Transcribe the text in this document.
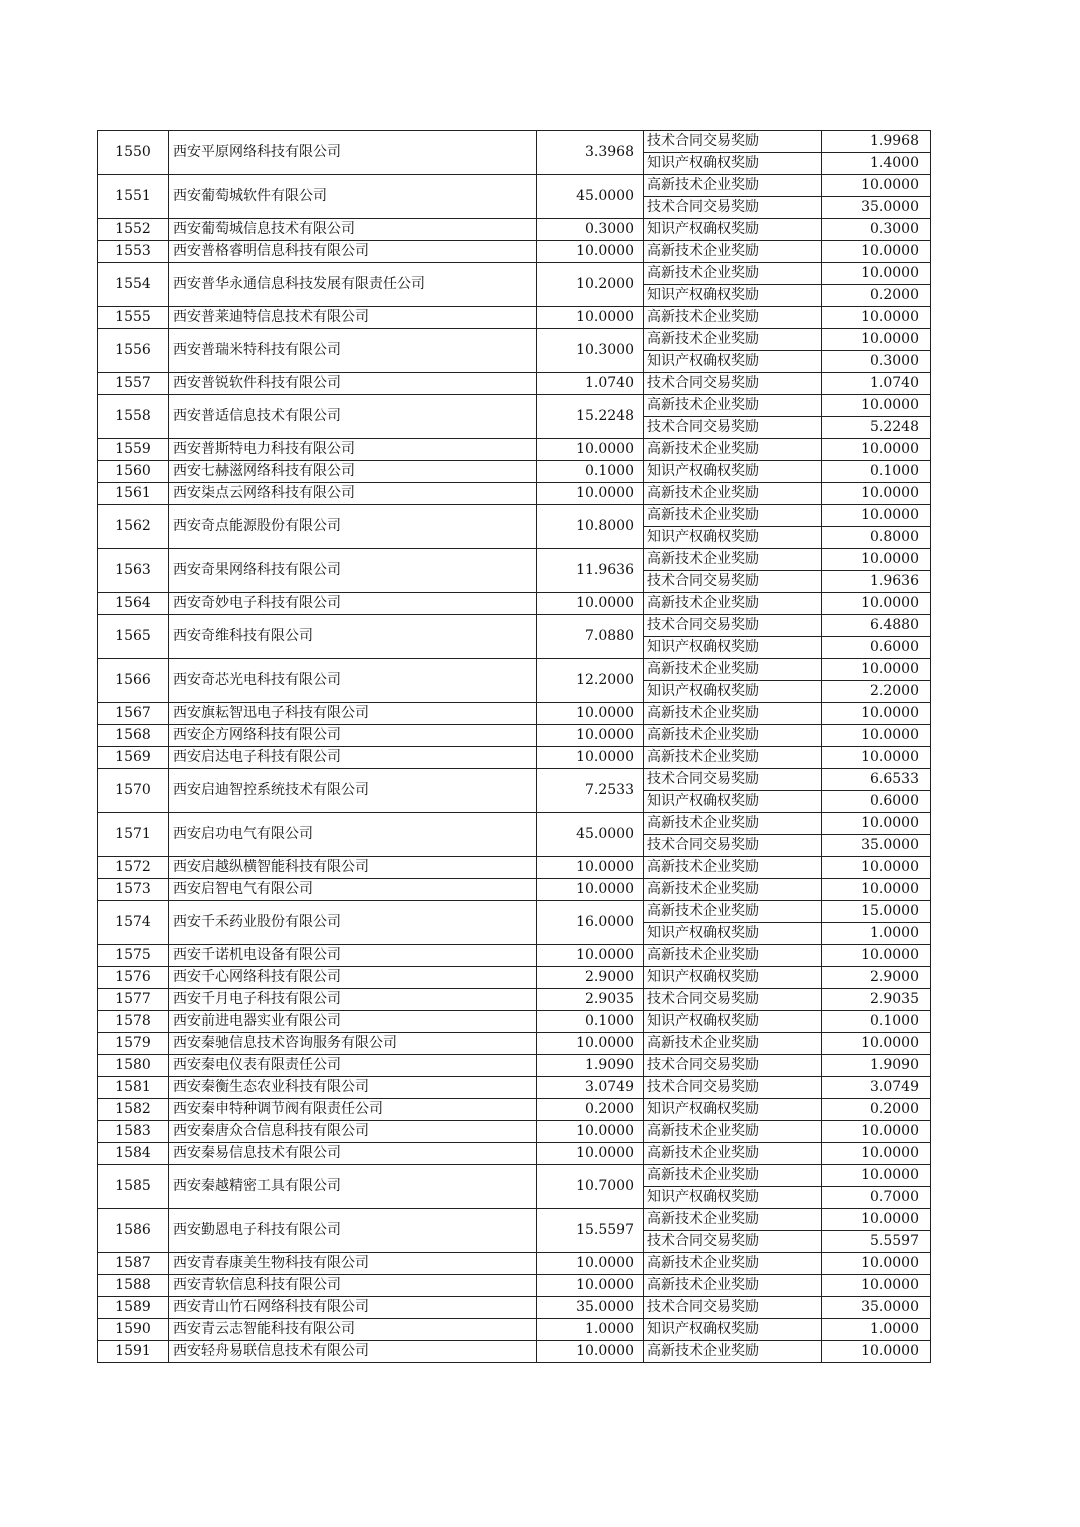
1550	西安平原网络科技有限公司	3.3968	技术合同交易奖励	1.9968
			知识产权确权奖励	1.4000
1551	西安葡萄城软件有限公司	45.0000	高新技术企业奖励	10.0000
			技术合同交易奖励	35.0000
1552	西安葡萄城信息技术有限公司	0.3000	知识产权确权奖励	0.3000
1553	西安普格睿明信息科技有限公司	10.0000	高新技术企业奖励	10.0000
1554	西安普华永通信息科技发展有限责任公司	10.2000	高新技术企业奖励	10.0000
			知识产权确权奖励	0.2000
1555	西安普莱迪特信息技术有限公司	10.0000	高新技术企业奖励	10.0000
1556	西安普瑞米特科技有限公司	10.3000	高新技术企业奖励	10.0000
			知识产权确权奖励	0.3000
1557	西安普锐软件科技有限公司	1.0740	技术合同交易奖励	1.0740
1558	西安普适信息技术有限公司	15.2248	高新技术企业奖励	10.0000
			技术合同交易奖励	5.2248
1559	西安普斯特电力科技有限公司	10.0000	高新技术企业奖励	10.0000
1560	西安七赫滋网络科技有限公司	0.1000	知识产权确权奖励	0.1000
1561	西安柒点云网络科技有限公司	10.0000	高新技术企业奖励	10.0000
1562	西安奇点能源股份有限公司	10.8000	高新技术企业奖励	10.0000
			知识产权确权奖励	0.8000
1563	西安奇果网络科技有限公司	11.9636	高新技术企业奖励	10.0000
			技术合同交易奖励	1.9636
1564	西安奇妙电子科技有限公司	10.0000	高新技术企业奖励	10.0000
1565	西安奇维科技有限公司	7.0880	技术合同交易奖励	6.4880
			知识产权确权奖励	0.6000
1566	西安奇芯光电科技有限公司	12.2000	高新技术企业奖励	10.0000
			知识产权确权奖励	2.2000
1567	西安旗耘智迅电子科技有限公司	10.0000	高新技术企业奖励	10.0000
1568	西安企方网络科技有限公司	10.0000	高新技术企业奖励	10.0000
1569	西安启达电子科技有限公司	10.0000	高新技术企业奖励	10.0000
1570	西安启迪智控系统技术有限公司	7.2533	技术合同交易奖励	6.6533
			知识产权确权奖励	0.6000
1571	西安启功电气有限公司	45.0000	高新技术企业奖励	10.0000
			技术合同交易奖励	35.0000
1572	西安启越纵横智能科技有限公司	10.0000	高新技术企业奖励	10.0000
1573	西安启智电气有限公司	10.0000	高新技术企业奖励	10.0000
1574	西安千禾药业股份有限公司	16.0000	高新技术企业奖励	15.0000
			知识产权确权奖励	1.0000
1575	西安千诺机电设备有限公司	10.0000	高新技术企业奖励	10.0000
1576	西安千心网络科技有限公司	2.9000	知识产权确权奖励	2.9000
1577	西安千月电子科技有限公司	2.9035	技术合同交易奖励	2.9035
1578	西安前进电器实业有限公司	0.1000	知识产权确权奖励	0.1000
1579	西安秦驰信息技术咨询服务有限公司	10.0000	高新技术企业奖励	10.0000
1580	西安秦电仪表有限责任公司	1.9090	技术合同交易奖励	1.9090
1581	西安秦衡生态农业科技有限公司	3.0749	技术合同交易奖励	3.0749
1582	西安秦申特种调节阀有限责任公司	0.2000	知识产权确权奖励	0.2000
1583	西安秦唐众合信息科技有限公司	10.0000	高新技术企业奖励	10.0000
1584	西安秦易信息技术有限公司	10.0000	高新技术企业奖励	10.0000
1585	西安秦越精密工具有限公司	10.7000	高新技术企业奖励	10.0000
			知识产权确权奖励	0.7000
1586	西安勤恩电子科技有限公司	15.5597	高新技术企业奖励	10.0000
			技术合同交易奖励	5.5597
1587	西安青春康美生物科技有限公司	10.0000	高新技术企业奖励	10.0000
1588	西安青软信息科技有限公司	10.0000	高新技术企业奖励	10.0000
1589	西安青山竹石网络科技有限公司	35.0000	技术合同交易奖励	35.0000
1590	西安青云志智能科技有限公司	1.0000	知识产权确权奖励	1.0000
1591	西安轻舟易联信息技术有限公司	10.0000	高新技术企业奖励	10.0000
